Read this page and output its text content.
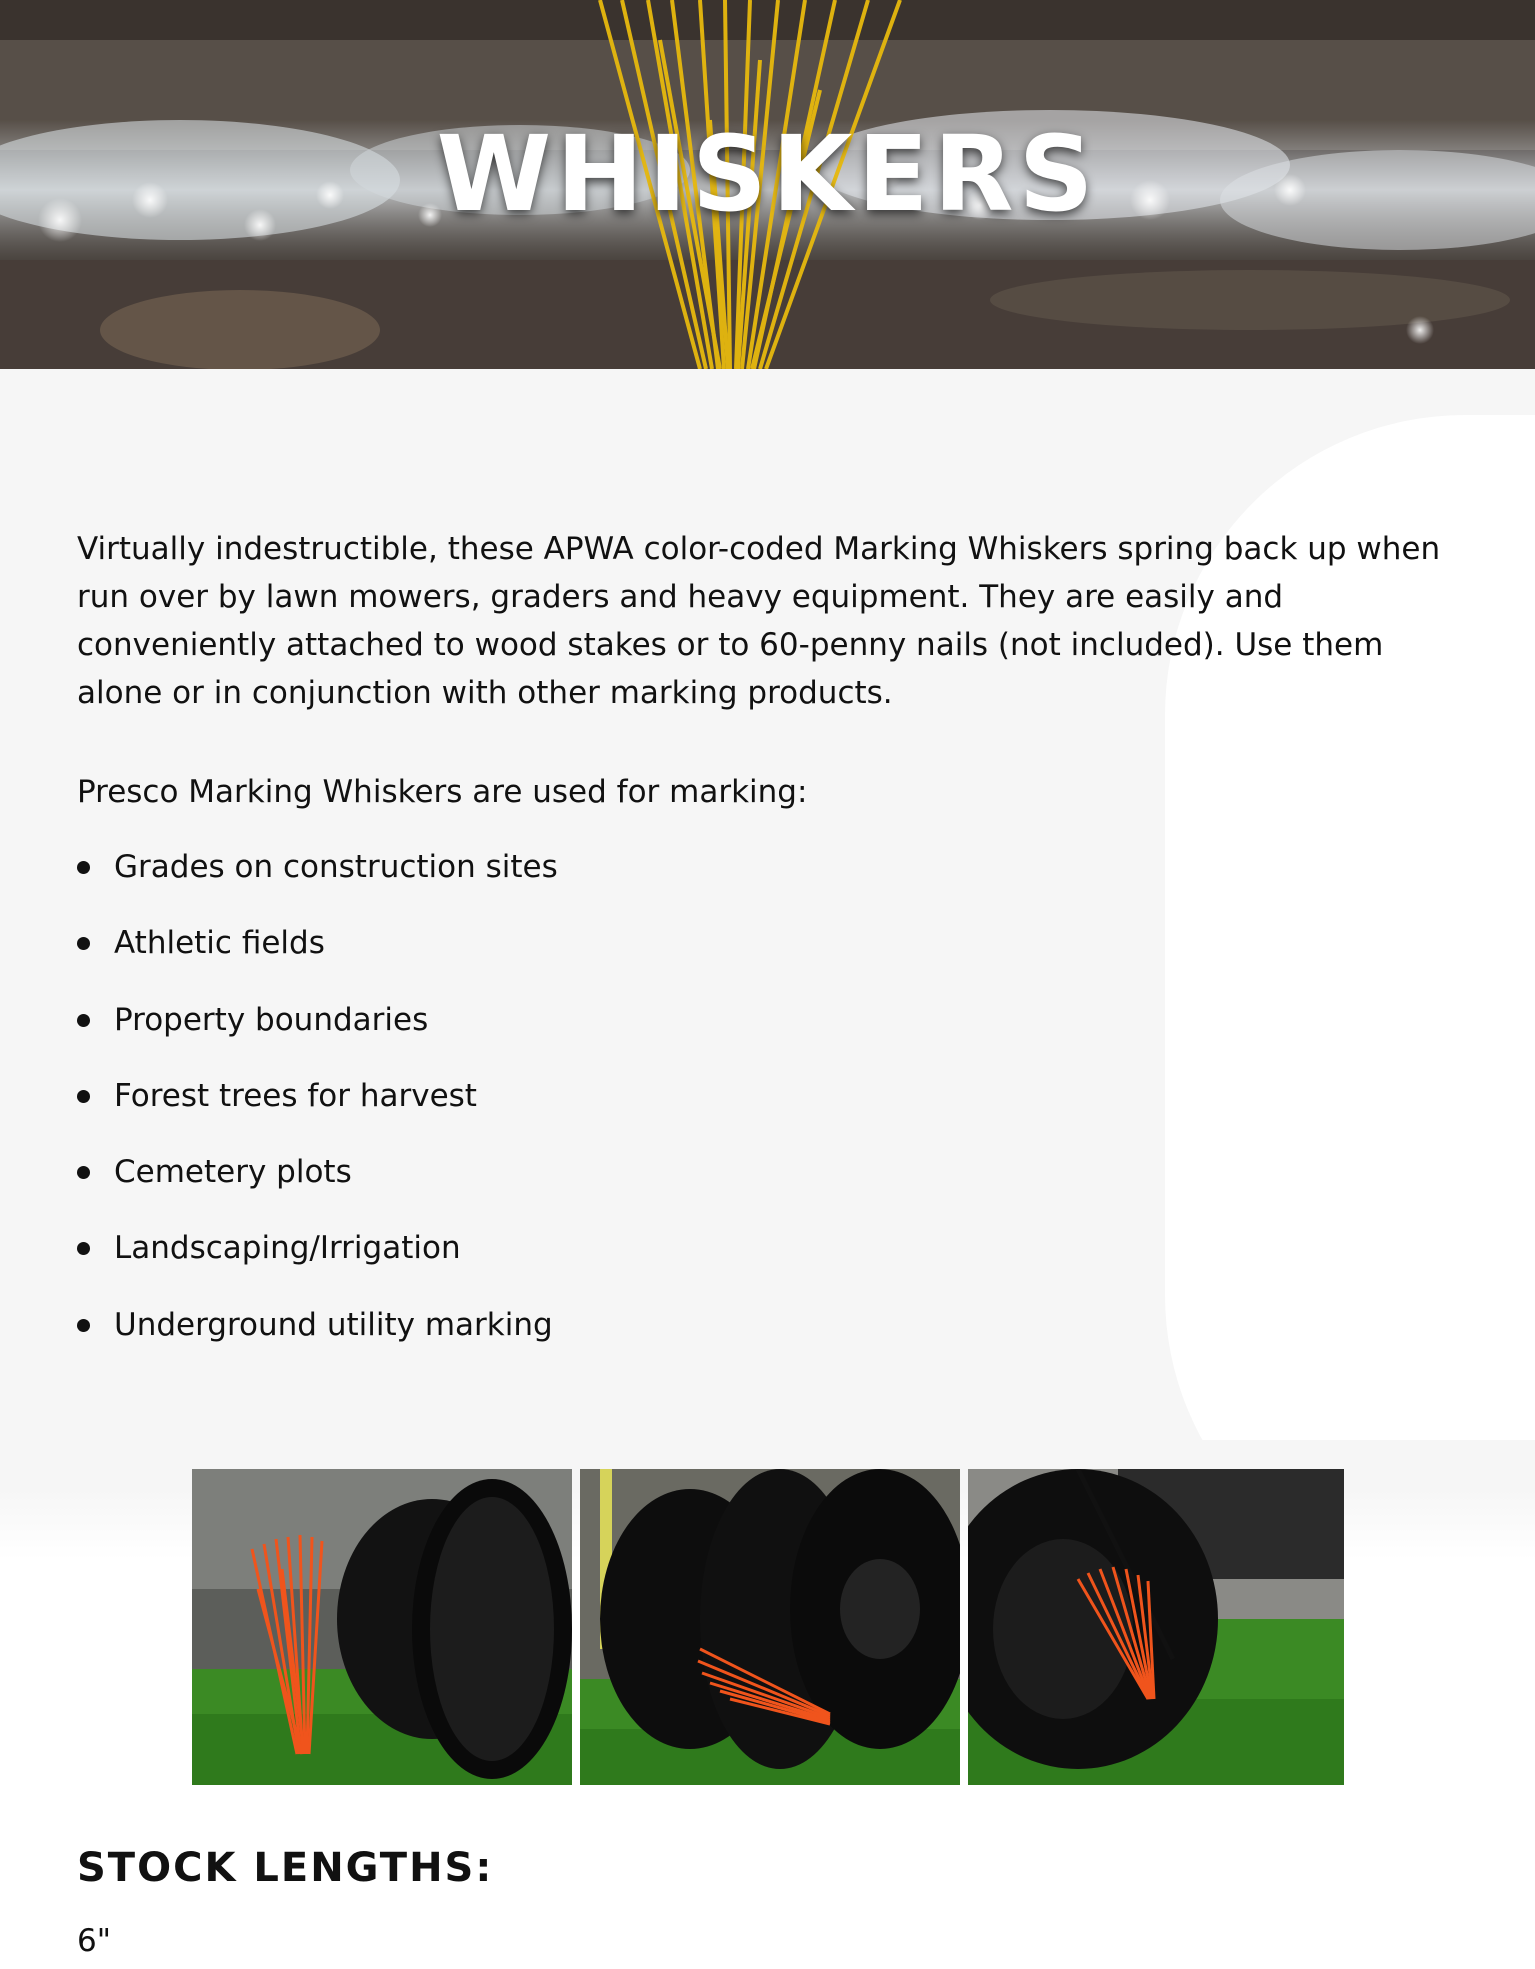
WHISKERS

Virtually indestructible, these APWA color-coded Marking Whiskers spring back up when run over by lawn mowers, graders and heavy equipment. They are easily and conveniently attached to wood stakes or to 60-penny nails (not included). Use them alone or in conjunction with other marking products.

Presco Marking Whiskers are used for marking:

Grades on construction sites
Athletic fields
Property boundaries
Forest trees for harvest
Cemetery plots
Landscaping/Irrigation
Underground utility marking
STOCK LENGTHS:
6"
